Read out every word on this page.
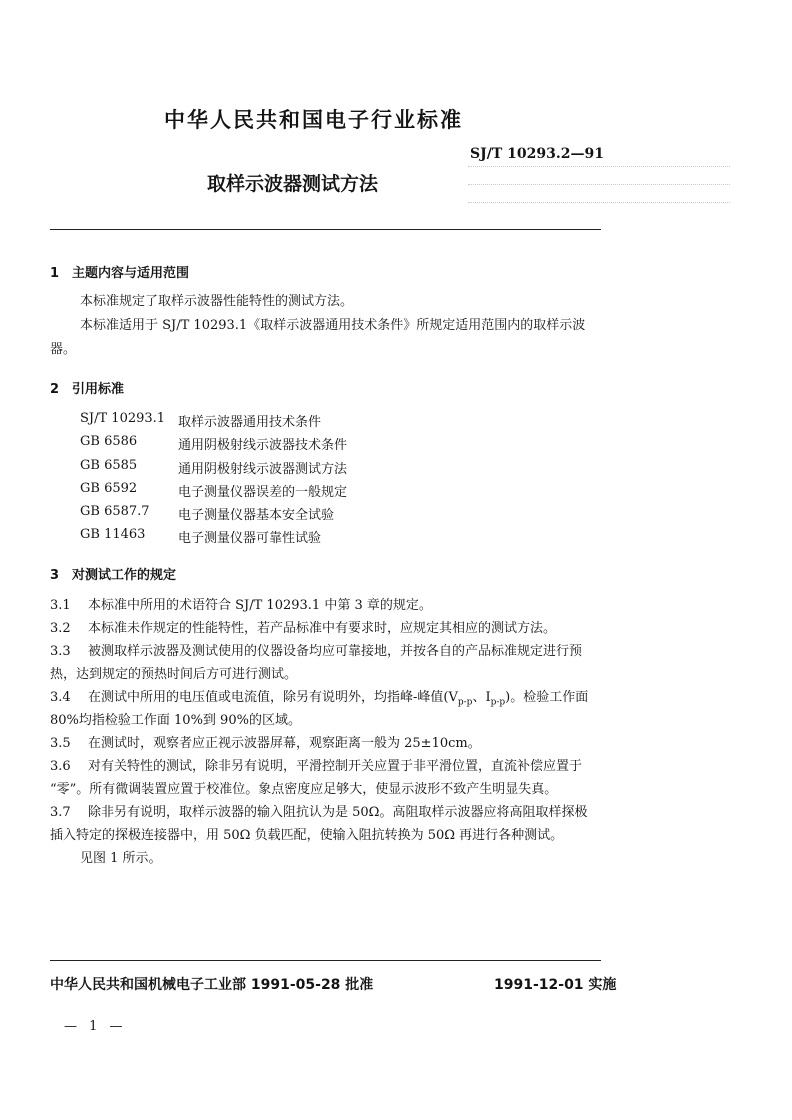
中华人民共和国电子行业标准
SJ/T 10293.2—91
取样示波器测试方法
1 主题内容与适用范围
本标准规定了取样示波器性能特性的测试方法。
本标准适用于 SJ/T 10293.1《取样示波器通用技术条件》所规定适用范围内的取样示波
器。
2 引用标准
SJ/T 10293.1 取样示波器通用技术条件
GB 6586	通用阴极射线示波器技术条件
GB 6585	通用阴极射线示波器测试方法
GB 6592	电子测量仪器误差的一般规定
GB 6587.7 电子测量仪器基本安全试验
GB 11463	电子测量仪器可靠性试验
3 对测试工作的规定
3.1 本标准中所用的术语符合 SJ/T 10293.1 中第 3 章的规定。
3.2 本标准未作规定的性能特性，若产品标准中有要求时，应规定其相应的测试方法。
3.3 被测取样示波器及测试使用的仪器设备均应可靠接地，并按各自的产品标准规定进行预
热，达到规定的预热时间后方可进行测试。
3.4 在测试中所用的电压值或电流值，除另有说明外，均指峰-峰值($V_{p-p}$、$I_{p-p}$)。检验工作面
80%均指检验工作面 10%到 90%的区域。
3.5 在测试时，观察者应正视示波器屏幕，观察距离一般为 25±10cm。
3.6 对有关特性的测试，除非另有说明，平滑控制开关应置于非平滑位置，直流补偿应置于
“零”。所有微调装置应置于校准位。象点密度应足够大，使显示波形不致产生明显失真。
3.7 除非另有说明，取样示波器的输入阻抗认为是 50Ω。高阻取样示波器应将高阻取样探极
插入特定的探极连接器中，用 50Ω 负载匹配，使输入阻抗转换为 50Ω 再进行各种测试。
见图 1 所示。
中华人民共和国机械电子工业部 1991-05-28 批准	1991-12-01 实施
— 1 —
